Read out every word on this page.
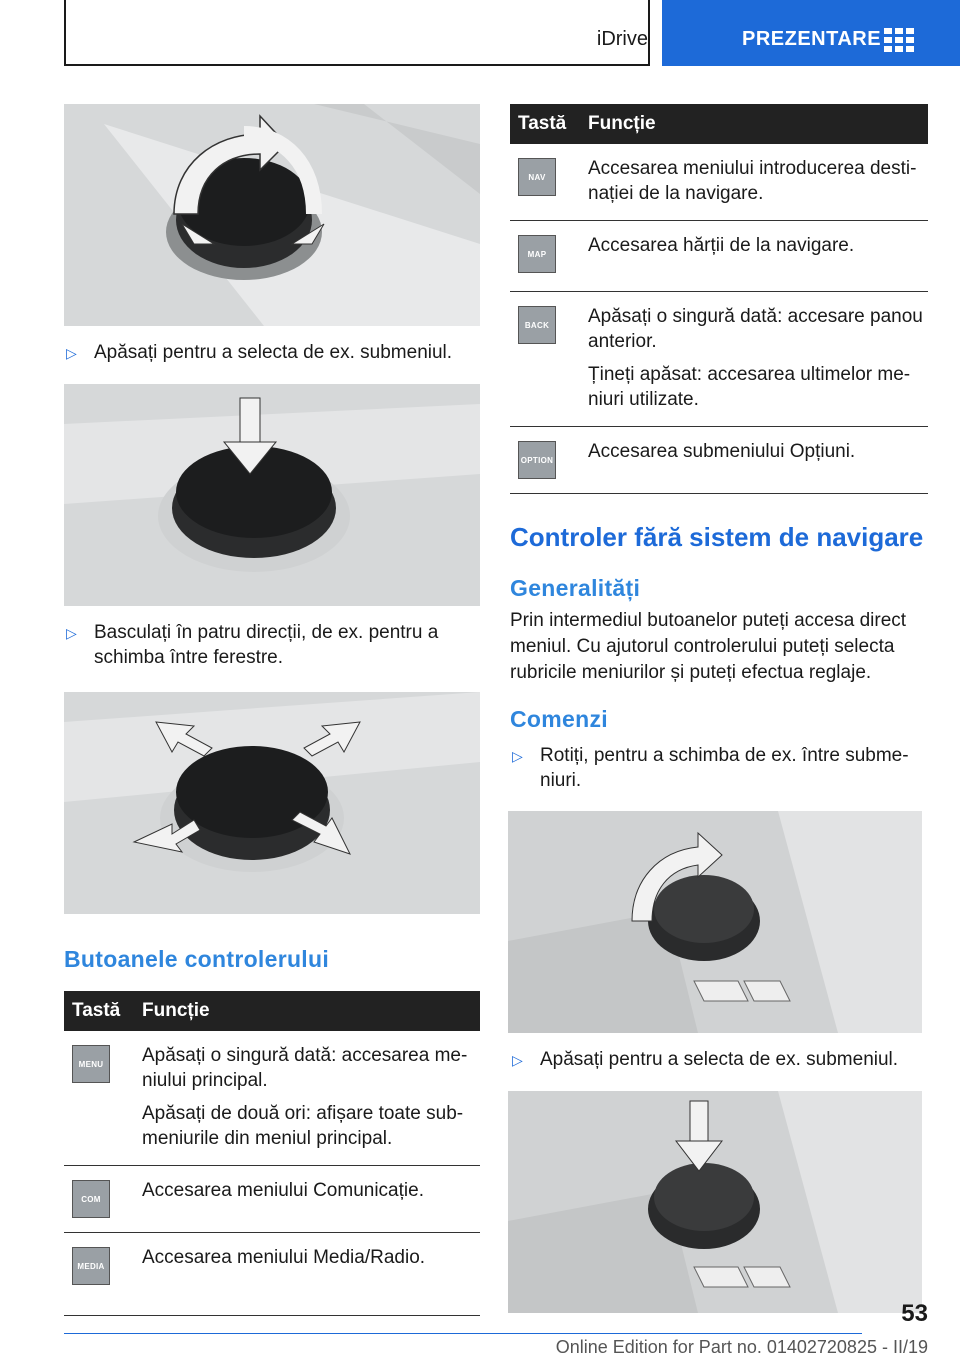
iDrive	PREZENTARE
▷ Apăsați pentru a selecta de ex. submeniul.
▷ Basculați în patru direcții, de ex. pentru a schimba între ferestre.
Butoanele controlerului
Tastă	Funcție

MENU	Apăsați o singură dată: accesarea me-niului principal.

Apăsați de două ori: afișare toate sub-meniurile din meniul principal.

COM	Accesarea meniului Comunicație.

MEDIA	Accesarea meniului Media/Radio.

Tastă	Funcție

NAV	Accesarea meniului introducerea desti-nației de la navigare.

MAP	Accesarea hărții de la navigare.

BACK	Apăsați o singură dată: accesare panou anterior.

Țineți apăsat: accesarea ultimelor me-niuri utilizate.

OPTION	Accesarea submeniului Opțiuni.

Controler fără sistem de navigare
Generalități
Prin intermediul butoanelor puteți accesa direct meniul. Cu ajutorul controlerului puteți selecta rubricile meniurilor și puteți efectua reglaje.
Comenzi
▷ Rotiți, pentru a schimba de ex. între subme-niuri.
▷ Apăsați pentru a selecta de ex. submeniul.
53
Online Edition for Part no. 01402720825 - II/19
